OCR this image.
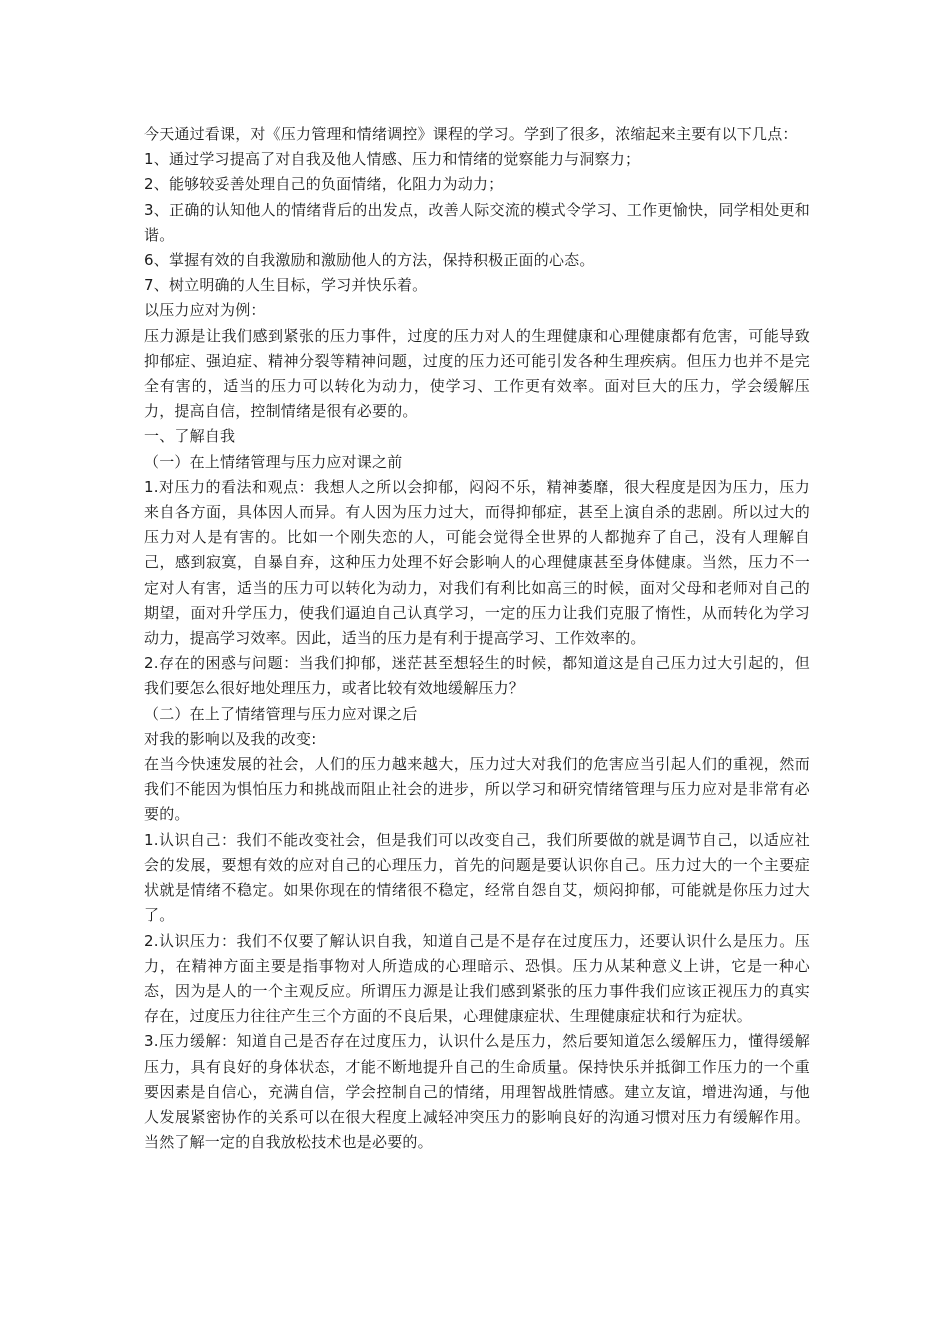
今天通过看课，对《压力管理和情绪调控》课程的学习。学到了很多，浓缩起来主要有以下几点：

1、通过学习提高了对自我及他人情感、压力和情绪的觉察能力与洞察力；

2、能够较妥善处理自己的负面情绪，化阻力为动力；

3、正确的认知他人的情绪背后的出发点，改善人际交流的模式令学习、工作更愉快，同学相处更和谐。

6、掌握有效的自我激励和激励他人的方法，保持积极正面的心态。

7、树立明确的人生目标，学习并快乐着。

以压力应对为例：

压力源是让我们感到紧张的压力事件，过度的压力对人的生理健康和心理健康都有危害，可能导致抑郁症、强迫症、精神分裂等精神问题，过度的压力还可能引发各种生理疾病。但压力也并不是完全有害的，适当的压力可以转化为动力，使学习、工作更有效率。面对巨大的压力，学会缓解压力，提高自信，控制情绪是很有必要的。

一、了解自我

（一）在上情绪管理与压力应对课之前

1.对压力的看法和观点：我想人之所以会抑郁，闷闷不乐，精神萎靡，很大程度是因为压力，压力来自各方面，具体因人而异。有人因为压力过大，而得抑郁症，甚至上演自杀的悲剧。所以过大的压力对人是有害的。比如一个刚失恋的人，可能会觉得全世界的人都抛弃了自己，没有人理解自己，感到寂寞，自暴自弃，这种压力处理不好会影响人的心理健康甚至身体健康。当然，压力不一定对人有害，适当的压力可以转化为动力，对我们有利比如高三的时候，面对父母和老师对自己的期望，面对升学压力，使我们逼迫自己认真学习，一定的压力让我们克服了惰性，从而转化为学习动力，提高学习效率。因此，适当的压力是有利于提高学习、工作效率的。

2.存在的困惑与问题：当我们抑郁，迷茫甚至想轻生的时候，都知道这是自己压力过大引起的，但我们要怎么很好地处理压力，或者比较有效地缓解压力？

（二）在上了情绪管理与压力应对课之后

对我的影响以及我的改变:

在当今快速发展的社会，人们的压力越来越大，压力过大对我们的危害应当引起人们的重视，然而我们不能因为惧怕压力和挑战而阻止社会的进步，所以学习和研究情绪管理与压力应对是非常有必要的。

1.认识自己：我们不能改变社会，但是我们可以改变自己，我们所要做的就是调节自己，以适应社会的发展，要想有效的应对自己的心理压力，首先的问题是要认识你自己。压力过大的一个主要症状就是情绪不稳定。如果你现在的情绪很不稳定，经常自怨自艾，烦闷抑郁，可能就是你压力过大了。

2.认识压力：我们不仅要了解认识自我，知道自己是不是存在过度压力，还要认识什么是压力。压力，在精神方面主要是指事物对人所造成的心理暗示、恐惧。压力从某种意义上讲，它是一种心态，因为是人的一个主观反应。所谓压力源是让我们感到紧张的压力事件我们应该正视压力的真实存在，过度压力往往产生三个方面的不良后果，心理健康症状、生理健康症状和行为症状。

3.压力缓解：知道自己是否存在过度压力，认识什么是压力，然后要知道怎么缓解压力，懂得缓解压力，具有良好的身体状态，才能不断地提升自己的生命质量。保持快乐并抵御工作压力的一个重要因素是自信心，充满自信，学会控制自己的情绪，用理智战胜情感。建立友谊，增进沟通，与他人发展紧密协作的关系可以在很大程度上减轻冲突压力的影响良好的沟通习惯对压力有缓解作用。当然了解一定的自我放松技术也是必要的。
